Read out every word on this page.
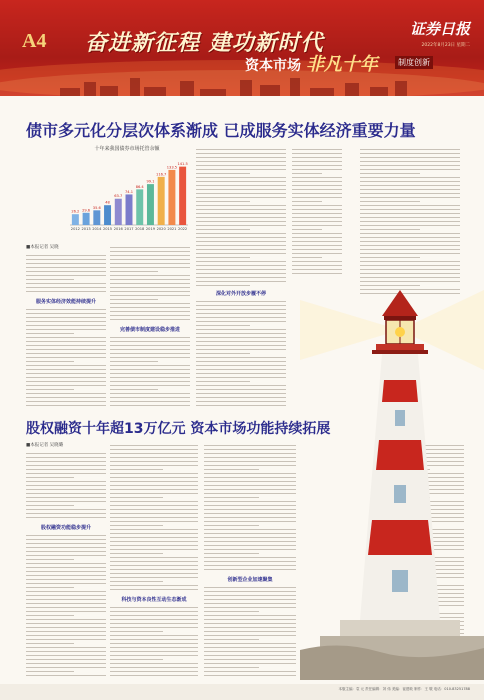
A4 奋进新征程 建功新时代
证券日报
2022年8月23日 星期二
资本市场 非凡十年	制度创新
债市多元化分层次体系渐成 已成服务实体经济重要力量
十年来我国债券市场托管余额
26.2
2012
29.6
2013
35.6
2014
48
2015
63.7
2016
74.1
2017
86.4
2018
99.1
2019
116.7
2020
133.5
2021
141.5
2022
■本报记者 吴晓
服务实体经济效能持续提升
完善债市制度建设稳步推进
深化对外开放步履不停
股权融资十年超13万亿元 资本市场功能持续拓展
■本报记者 吴晓璐
股权融资功能稳步提升
科技与资本良性互动生态渐成
创新型企业加速聚集
本版主编：袁 元 责任编辑：刘 伟 美编：崔建岐 制作：王 敬 电话：010-83251788
